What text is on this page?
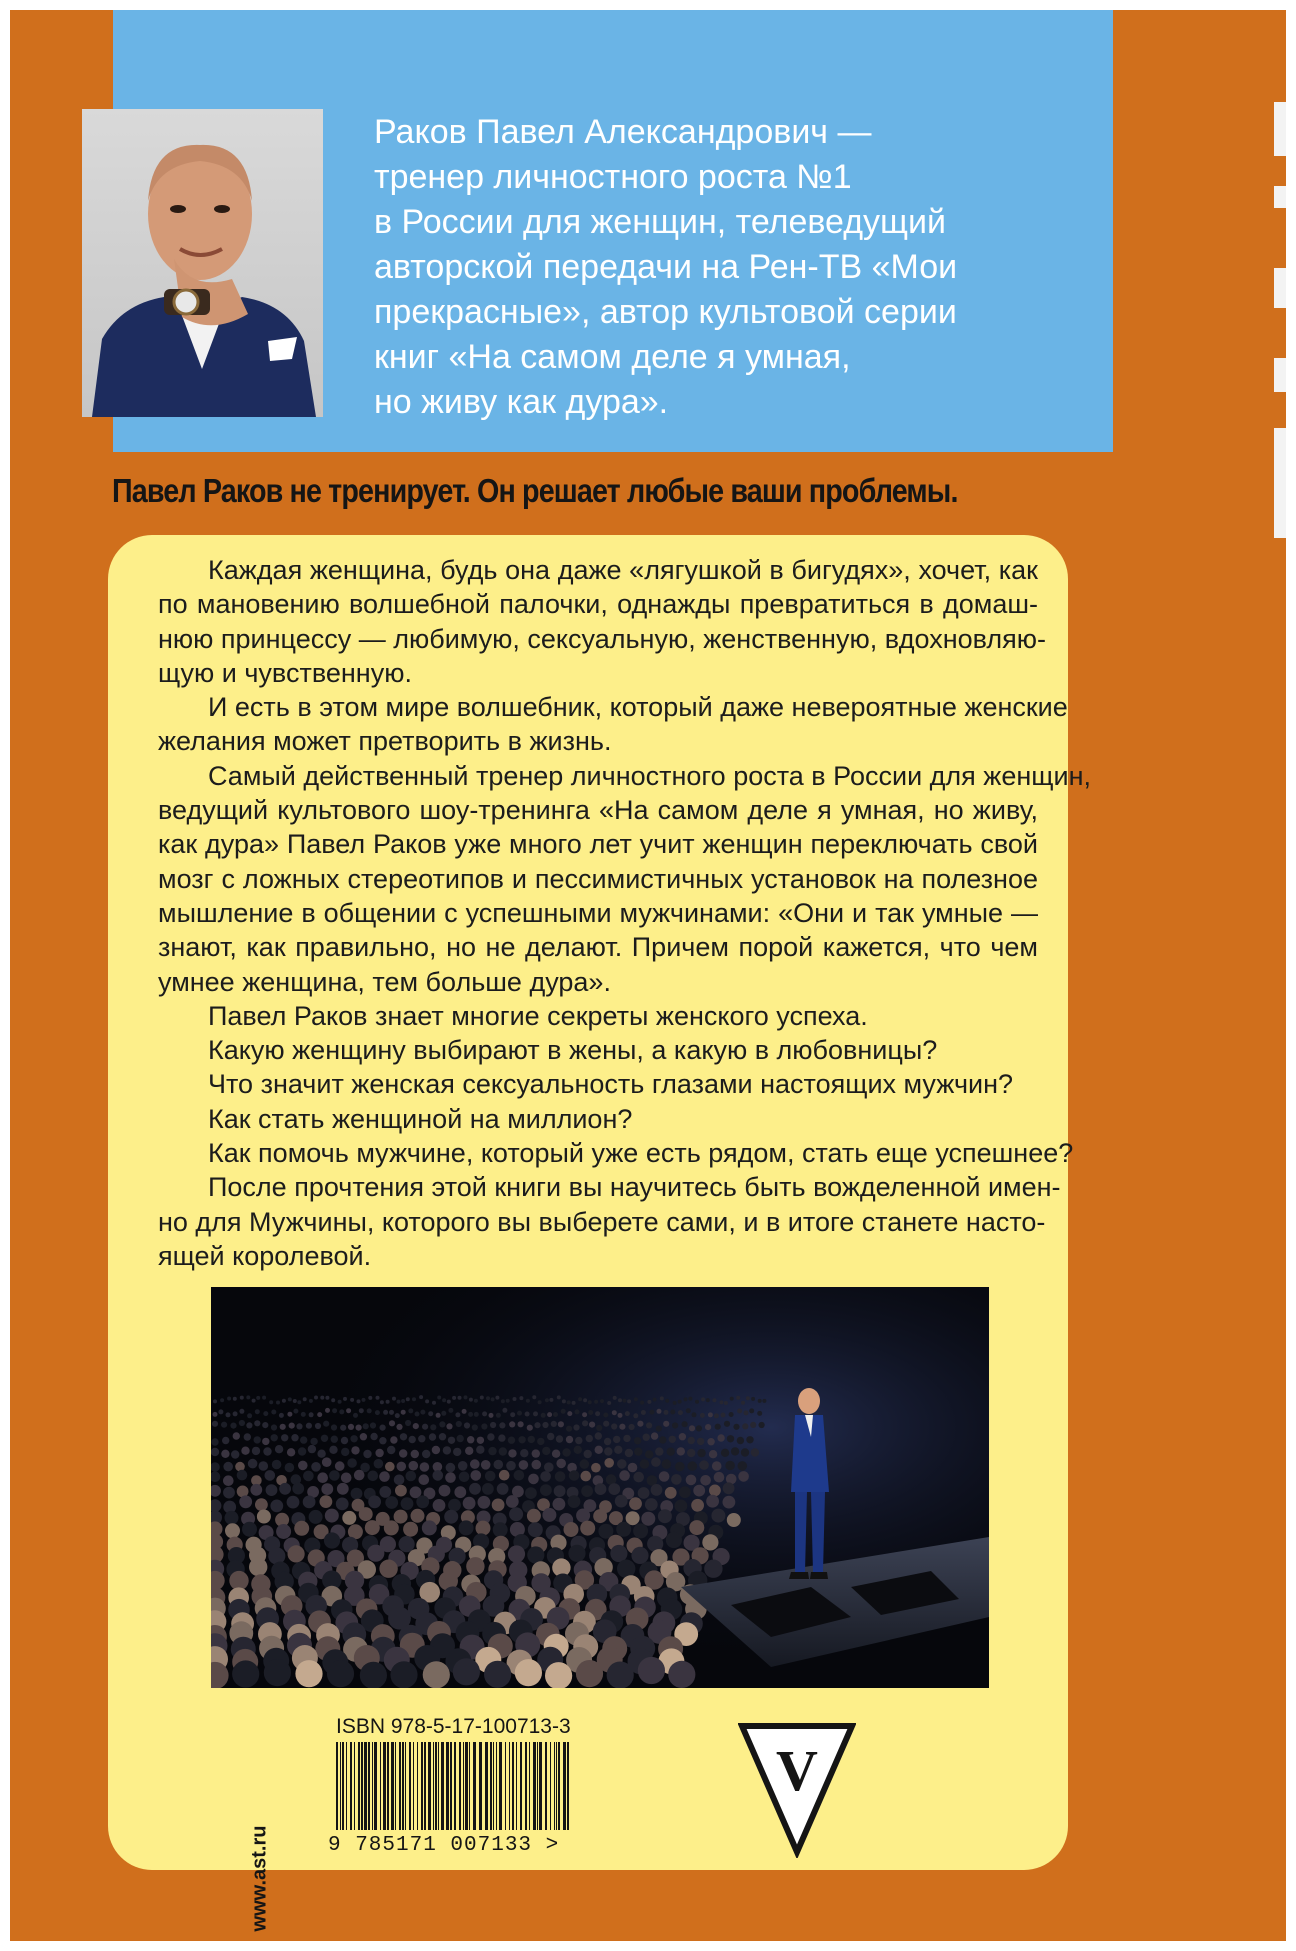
Раков Павел Александрович —
тренер личностного роста №1
в России для женщин, телеведущий
авторской передачи на Рен-ТВ «Мои
прекрасные», автор культовой серии
книг «На самом деле я умная,
но живу как дура».

Павел Раков не тренирует. Он решает любые ваши проблемы.

Каждая женщина, будь она даже «лягушкой в бигудях», хочет, как
по мановению волшебной палочки, однажды превратиться в домаш-
нюю принцессу — любимую, сексуальную, женственную, вдохновляю-
щую и чувственную.
И есть в этом мире волшебник, который даже невероятные женские
желания может претворить в жизнь.
Самый действенный тренер личностного роста в России для женщин,
ведущий культового шоу-тренинга «На самом деле я умная, но живу,
как дура» Павел Раков уже много лет учит женщин переключать свой
мозг с ложных стереотипов и пессимистичных установок на полезное
мышление в общении с успешными мужчинами: «Они и так умные —
знают, как правильно, но не делают. Причем порой кажется, что чем
умнее женщина, тем больше дура».
Павел Раков знает многие секреты женского успеха.
Какую женщину выбирают в жены, а какую в любовницы?
Что значит женская сексуальность глазами настоящих мужчин?
Как стать женщиной на миллион?
Как помочь мужчине, который уже есть рядом, стать еще успешнее?
После прочтения этой книги вы научитесь быть вожделенной имен-
но для Мужчины, которого вы выберете сами, и в итоге станете насто-
ящей королевой.

www.ast.ru

ISBN 978-5-17-100713-3

9 785171 007133 >
V
